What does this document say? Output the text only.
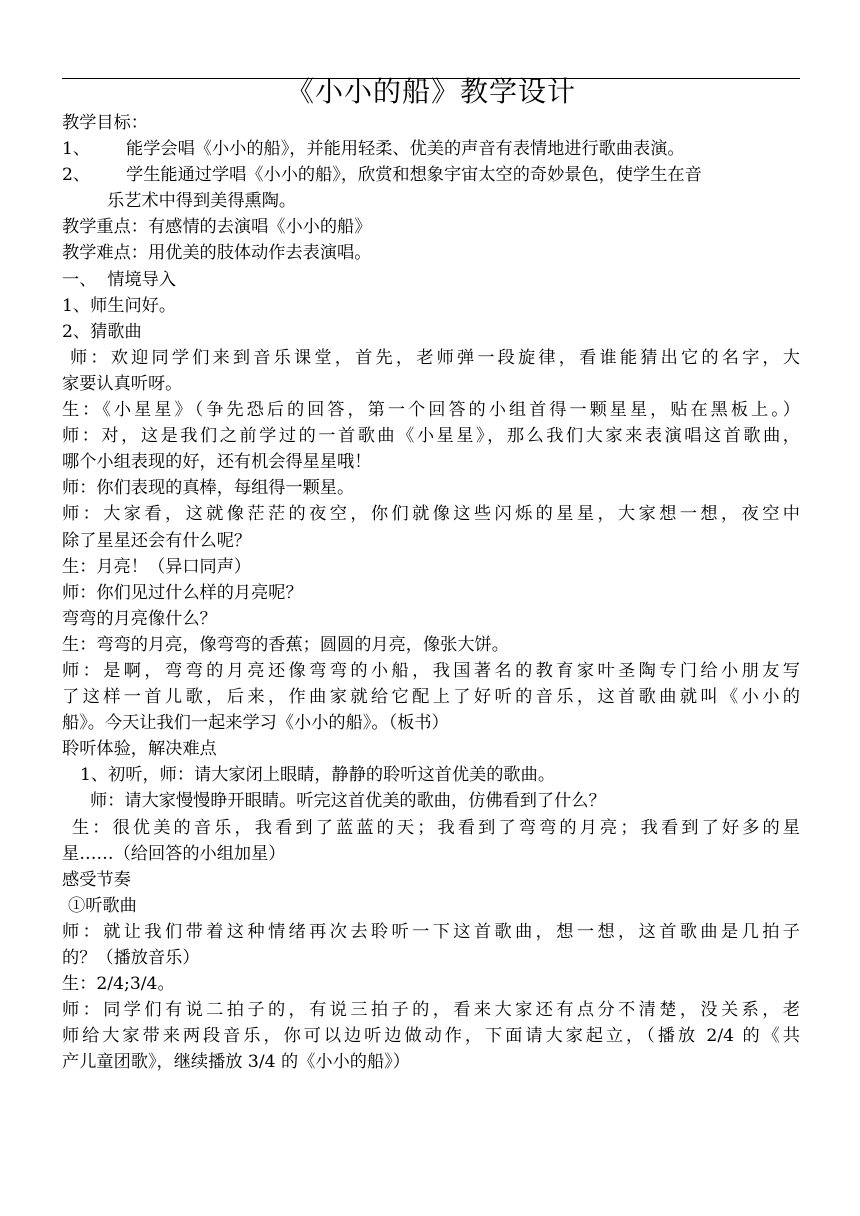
《小小的船》教学设计

教学目标：

1、 能学会唱《小小的船》，并能用轻柔、优美的声音有表情地进行歌曲表演。

2、 学生能通过学唱《小小的船》，欣赏和想象宇宙太空的奇妙景色，使学生在音

乐艺术中得到美得熏陶。

教学重点：有感情的去演唱《小小的船》

教学难点：用优美的肢体动作去表演唱。

一、  情境导入

1、师生问好。

2、猜歌曲

师：欢迎同学们来到音乐课堂，首先，老师弹一段旋律，看谁能猜出它的名字，大

家要认真听呀。

生：《小星星》（争先恐后的回答，第一个回答的小组首得一颗星星，贴在黑板上。）

师：对，这是我们之前学过的一首歌曲《小星星》，那么我们大家来表演唱这首歌曲，

哪个小组表现的好，还有机会得星星哦！

师：你们表现的真棒，每组得一颗星。

师：大家看，这就像茫茫的夜空，你们就像这些闪烁的星星，大家想一想，夜空中

除了星星还会有什么呢？

生：月亮！（异口同声）

师：你们见过什么样的月亮呢？

弯弯的月亮像什么？

生：弯弯的月亮，像弯弯的香蕉；圆圆的月亮，像张大饼。

师：是啊，弯弯的月亮还像弯弯的小船，我国著名的教育家叶圣陶专门给小朋友写

了这样一首儿歌，后来，作曲家就给它配上了好听的音乐，这首歌曲就叫《小小的

船》。今天让我们一起来学习《小小的船》。（板书）

聆听体验，解决难点

1、初听，师：请大家闭上眼睛，静静的聆听这首优美的歌曲。

师：请大家慢慢睁开眼睛。听完这首优美的歌曲，仿佛看到了什么？

生：很优美的音乐，我看到了蓝蓝的天；我看到了弯弯的月亮；我看到了好多的星

星……（给回答的小组加星）

感受节奏

①听歌曲

师：就让我们带着这种情绪再次去聆听一下这首歌曲，想一想，这首歌曲是几拍子

的？（播放音乐）

生：2/4;3/4。

师：同学们有说二拍子的，有说三拍子的，看来大家还有点分不清楚，没关系，老

师给大家带来两段音乐，你可以边听边做动作，下面请大家起立，（播放 2/4 的《共

产儿童团歌》，继续播放 3/4 的《小小的船》）
